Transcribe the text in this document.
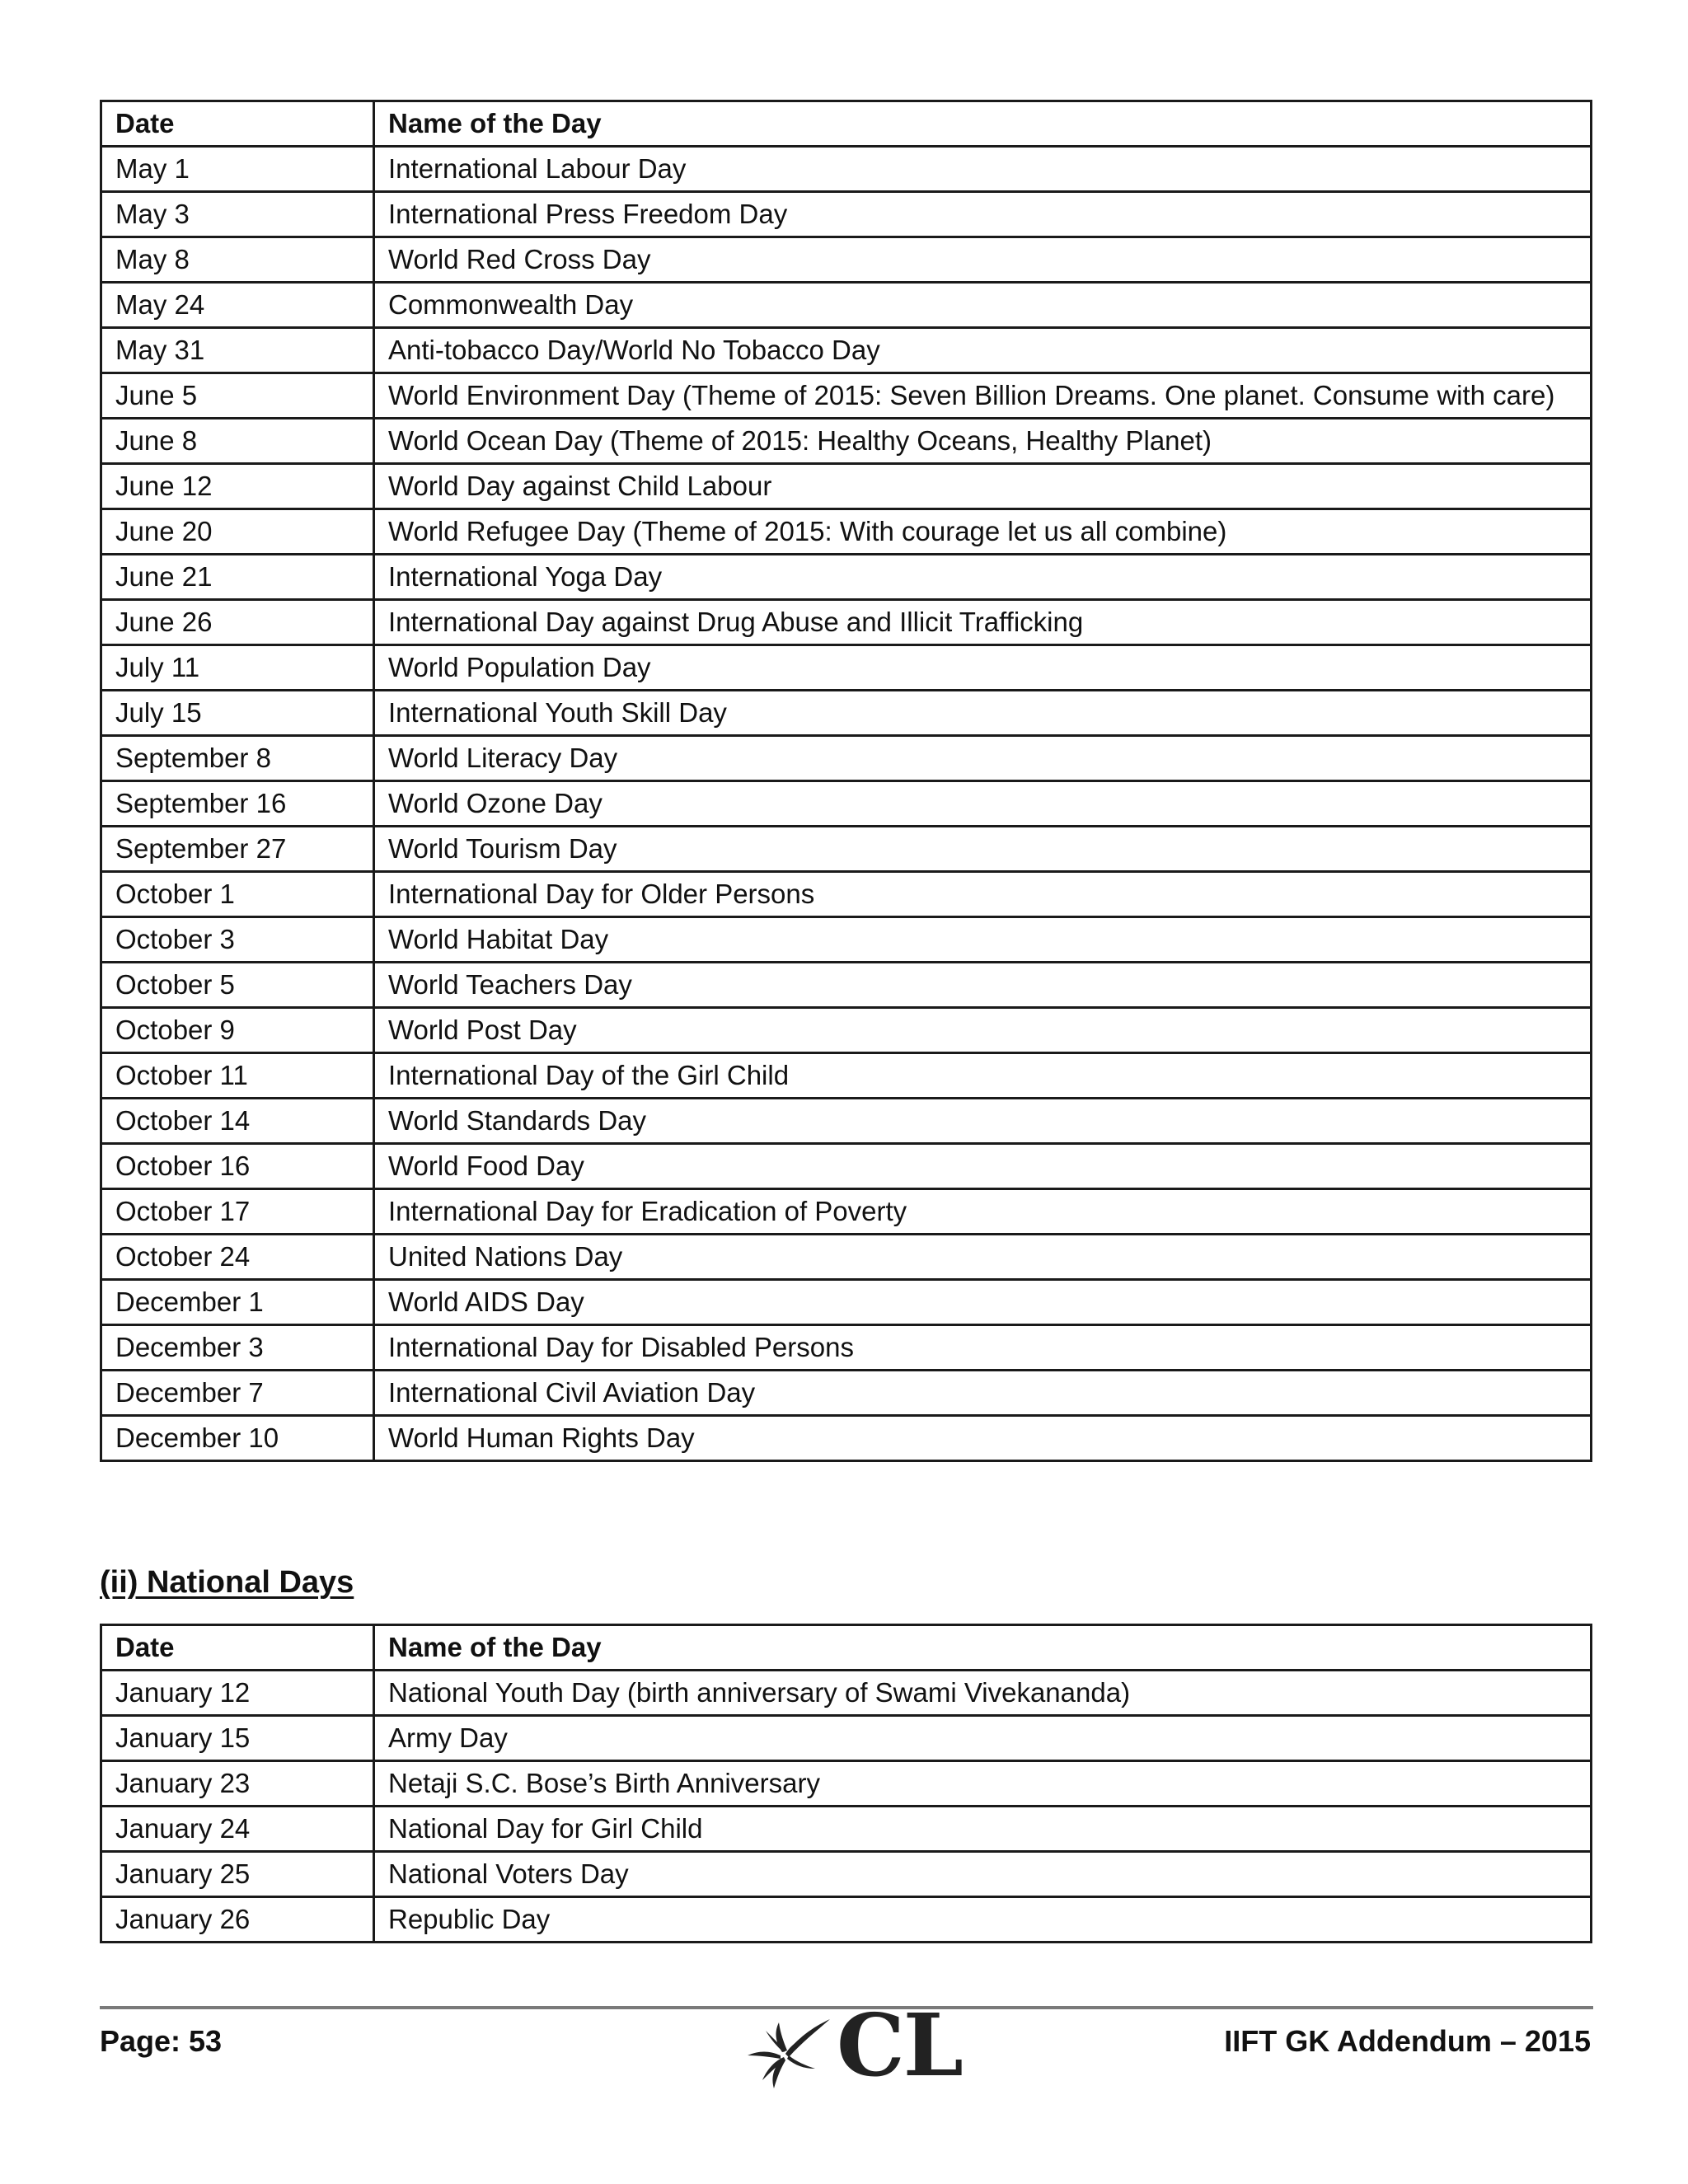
Date	Name of the Day
May 1	International Labour Day
May 3	International Press Freedom Day
May 8	World Red Cross Day
May 24	Commonwealth Day
May 31	Anti-tobacco Day/World No Tobacco Day
June 5	World Environment Day (Theme of 2015: Seven Billion Dreams. One planet. Consume with care)
June 8	World Ocean Day (Theme of 2015: Healthy Oceans, Healthy Planet)
June 12	World Day against Child Labour
June 20	World Refugee Day (Theme of 2015: With courage let us all combine)
June 21	International Yoga Day
June 26	International Day against Drug Abuse and Illicit Trafficking
July 11	World Population Day
July 15	International Youth Skill Day
September 8	World Literacy Day
September 16	World Ozone Day
September 27	World Tourism Day
October 1	International Day for Older Persons
October 3	World Habitat Day
October 5	World Teachers Day
October 9	World Post Day
October 11	International Day of the Girl Child
October 14	World Standards Day
October 16	World Food Day
October 17	International Day for Eradication of Poverty
October 24	United Nations Day
December 1	World AIDS Day
December 3	International Day for Disabled Persons
December 7	International Civil Aviation Day
December 10	World Human Rights Day
(ii) National Days
Date	Name of the Day
January 12	National Youth Day (birth anniversary of Swami Vivekananda)
January 15	Army Day
January 23	Netaji S.C. Bose’s Birth Anniversary
January 24	National Day for Girl Child
January 25	National Voters Day
January 26	Republic Day
Page: 53	CL	IIFT GK Addendum – 2015
